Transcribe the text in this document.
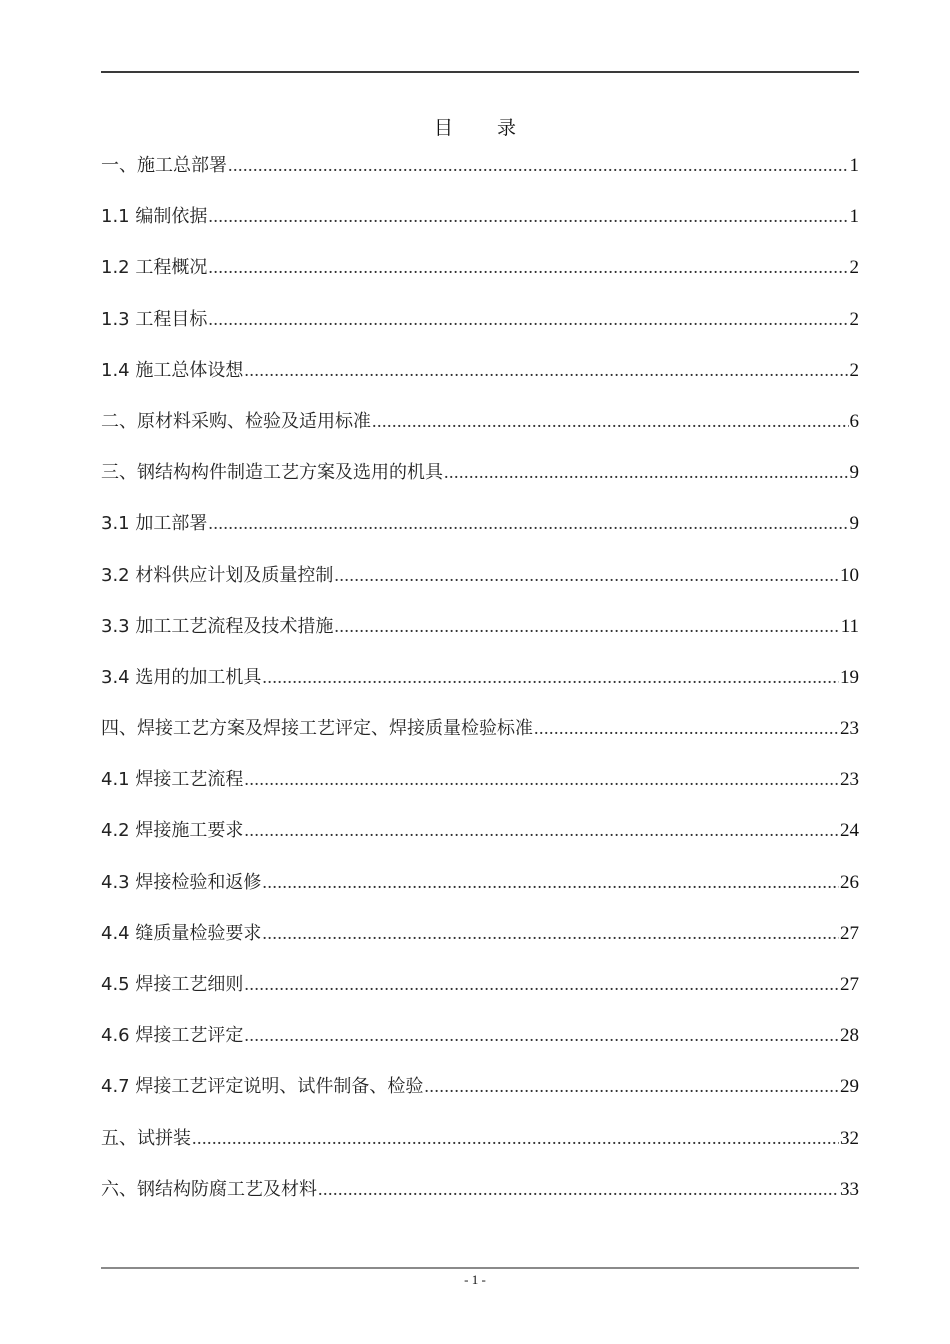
目 录
一、施工总部署 .....	1
1.1 编制依据 .....	1
1.2 工程概况 .....	2
1.3 工程目标 .....	2
1.4 施工总体设想 .....	2
二、原材料采购、检验及适用标准 .....	6
三、钢结构构件制造工艺方案及选用的机具 .....	9
3.1 加工部署 .....	9
3.2 材料供应计划及质量控制 .....	10
3.3 加工工艺流程及技术措施 .....	11
3.4 选用的加工机具 .....	19
四、焊接工艺方案及焊接工艺评定、焊接质量检验标准 .....	23
4.1 焊接工艺流程 .....	23
4.2 焊接施工要求 .....	24
4.3 焊接检验和返修 .....	26
4.4 缝质量检验要求 .....	27
4.5 焊接工艺细则 .....	27
4.6 焊接工艺评定 .....	28
4.7 焊接工艺评定说明、试件制备、检验 .....	29
五、试拼装 .....	32
六、钢结构防腐工艺及材料 .....	33
- 1 -
